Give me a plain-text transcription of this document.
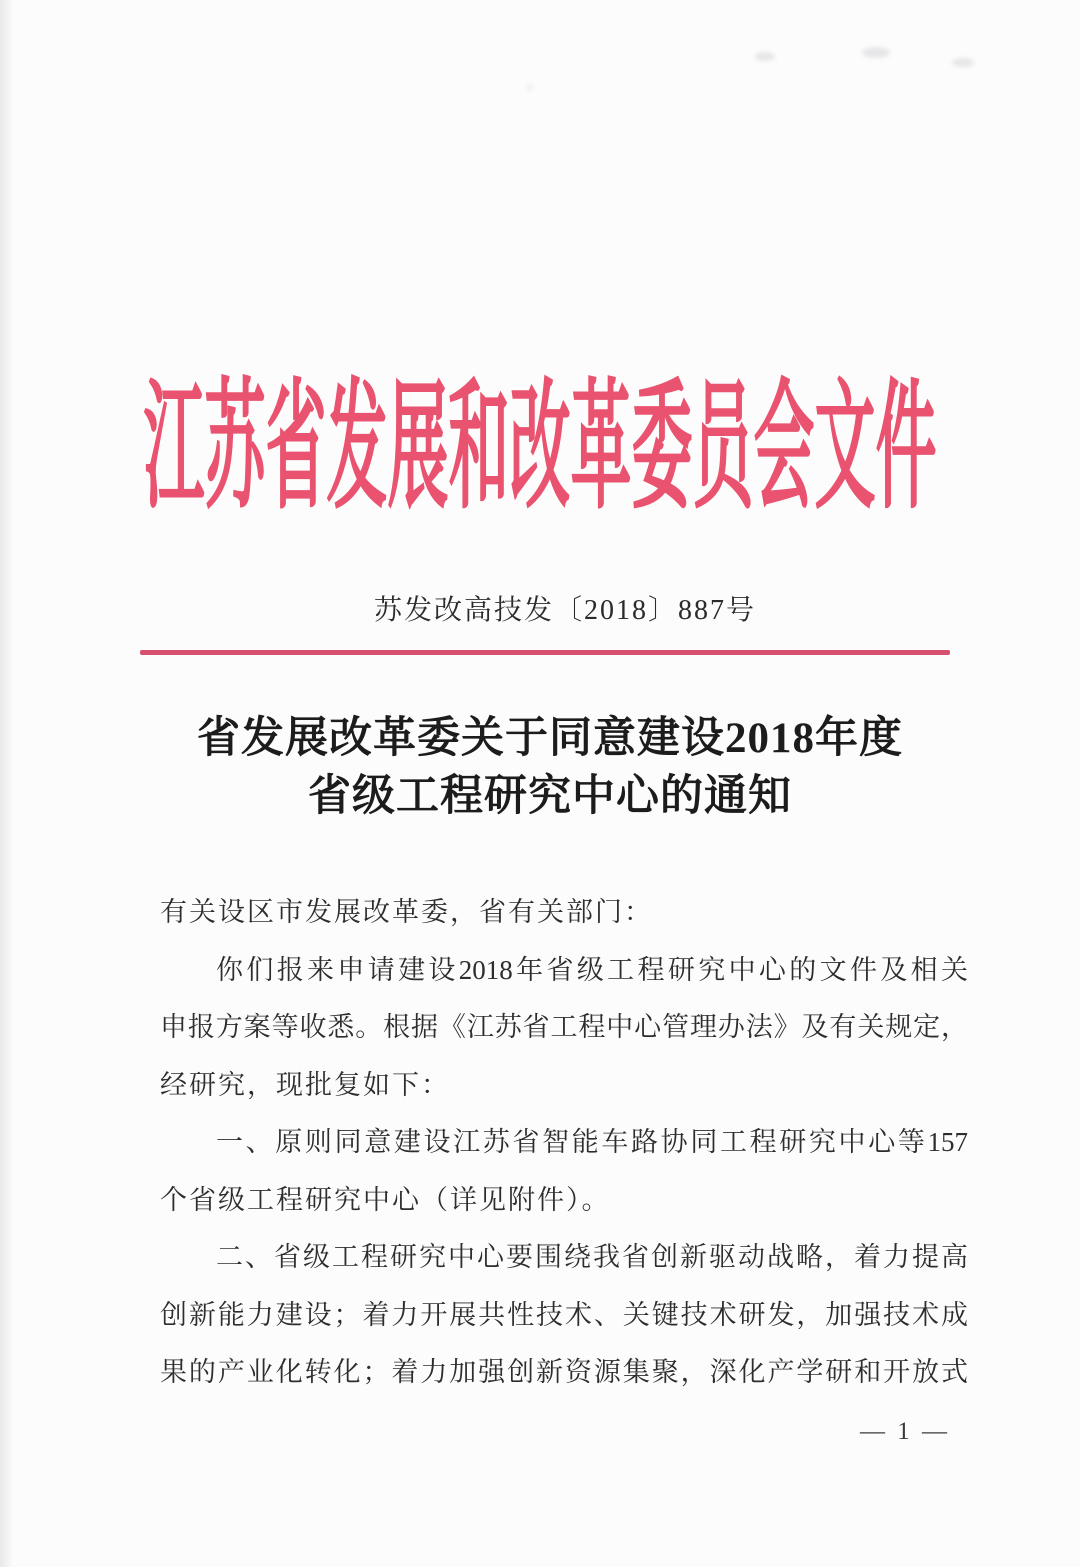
江苏省发展和改革委员会文件
苏发改高技发〔2018〕887号
省发展改革委关于同意建设2018年度
省级工程研究中心的通知
有关设区市发展改革委，省有关部门：
你们报来申请建设2018年省级工程研究中心的文件及相关
申报方案等收悉。根据《江苏省工程中心管理办法》及有关规定，
经研究，现批复如下：
一、原则同意建设江苏省智能车路协同工程研究中心等157
个省级工程研究中心（详见附件）。
二、省级工程研究中心要围绕我省创新驱动战略，着力提高
创新能力建设；着力开展共性技术、关键技术研发，加强技术成
果的产业化转化；着力加强创新资源集聚，深化产学研和开放式
— 1 —
